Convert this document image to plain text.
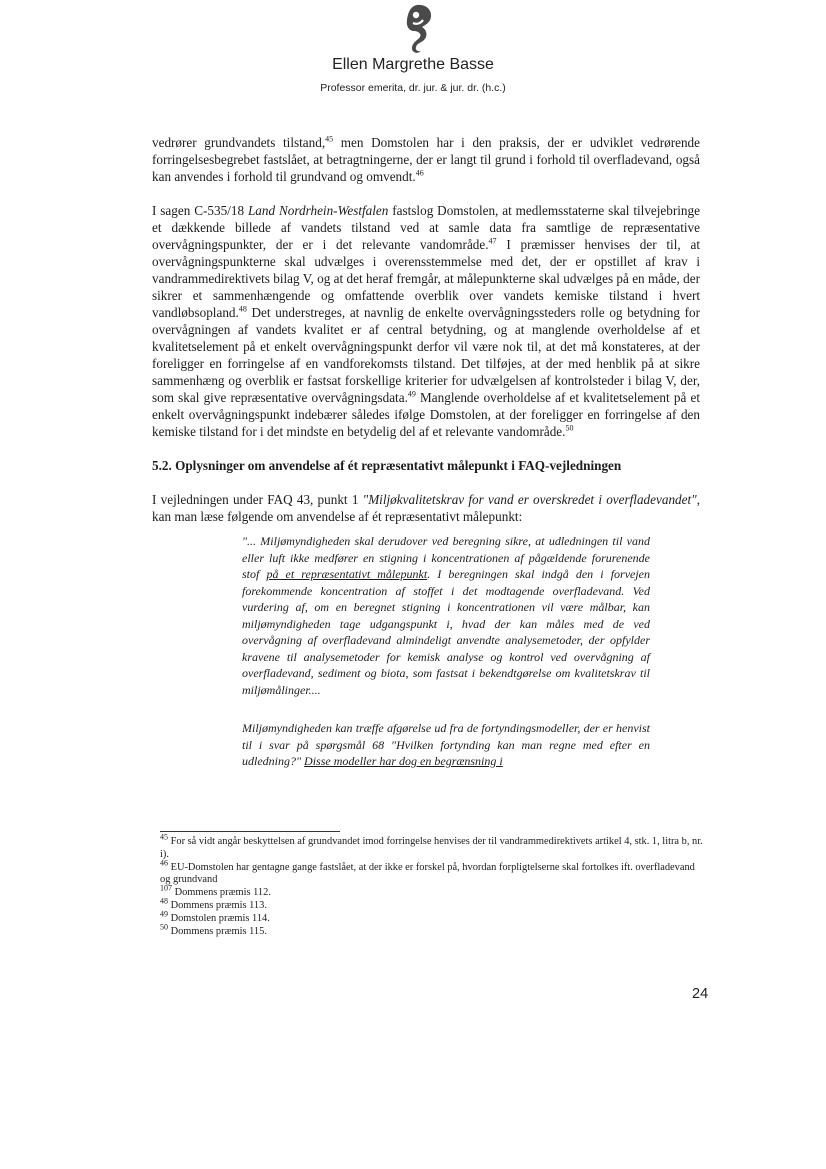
Ellen Margrethe Basse
Professor emerita, dr. jur. & jur. dr. (h.c.)

vedrører grundvandets tilstand,$^{45}$ men Domstolen har i den praksis, der er udviklet vedrørende forringelsesbegrebet fastslået, at betragtningerne, der er langt til grund i forhold til overfladevand, også kan anvendes i forhold til grundvand og omvendt.$^{46}$

I sagen C-535/18 Land Nordrhein-Westfalen fastslog Domstolen, at medlemsstaterne skal tilvejebringe et dækkende billede af vandets tilstand ved at samle data fra samtlige de repræsentative overvågningspunkter, der er i det relevante vandområde.$^{47}$ I præmisser henvises der til, at overvågningspunkterne skal udvælges i overensstemmelse med det, der er opstillet af krav i vandrammedirektivets bilag V, og at det heraf fremgår, at målepunkterne skal udvælges på en måde, der sikrer et sammenhængende og omfattende overblik over vandets kemiske tilstand i hvert vandløbsopland.$^{48}$ Det understreges, at navnlig de enkelte overvågningssteders rolle og betydning for overvågningen af vandets kvalitet er af central betydning, og at manglende overholdelse af et kvalitetselement på et enkelt overvågningspunkt derfor vil være nok til, at det må konstateres, at der foreligger en forringelse af en vandforekomsts tilstand. Det tilføjes, at der med henblik på at sikre sammenhæng og overblik er fastsat forskellige kriterier for udvælgelsen af kontrolsteder i bilag V, der, som skal give repræsentative overvågningsdata.$^{49}$ Manglende overholdelse af et kvalitetselement på et enkelt overvågningspunkt indebærer således ifølge Domstolen, at der foreligger en forringelse af den kemiske tilstand for i det mindste en betydelig del af et relevante vandområde.$^{50}$

5.2. Oplysninger om anvendelse af ét repræsentativt målepunkt i FAQ-vejledningen

I vejledningen under FAQ 43, punkt 1 "Miljøkvalitetskrav for vand er overskredet i overfladevandet", kan man læse følgende om anvendelse af ét repræsentativt målepunkt:

"... Miljømyndigheden skal derudover ved beregning sikre, at udledningen til vand eller luft ikke medfører en stigning i koncentrationen af pågældende forurenende stof på et repræsentativt målepunkt. I beregningen skal indgå den i forvejen forekommende koncentration af stoffet i det modtagende overfladevand. Ved vurdering af, om en beregnet stigning i koncentrationen vil være målbar, kan miljømyndigheden tage udgangspunkt i, hvad der kan måles med de ved overvågning af overfladevand almindeligt anvendte analysemetoder, der opfylder kravene til analysemetoder for kemisk analyse og kontrol ved overvågning af overfladevand, sediment og biota, som fastsat i bekendtgørelse om kvalitetskrav til miljømålinger....

Miljømyndigheden kan træffe afgørelse ud fra de fortyndingsmodeller, der er henvist til i svar på spørgsmål 68 "Hvilken fortynding kan man regne med efter en udledning?" Disse modeller har dog en begrænsning i

$^{45}$ For så vidt angår beskyttelsen af grundvandet imod forringelse henvises der til vandrammedirektivets artikel 4, stk. 1, litra b, nr. i).

$^{46}$ EU-Domstolen har gentagne gange fastslået, at der ikke er forskel på, hvordan forpligtelserne skal fortolkes ift. overfladevand og grundvand

$^{107}$ Dommens præmis 112.

$^{48}$ Dommens præmis 113.

$^{49}$ Domstolen præmis 114.

$^{50}$ Dommens præmis 115.

24
